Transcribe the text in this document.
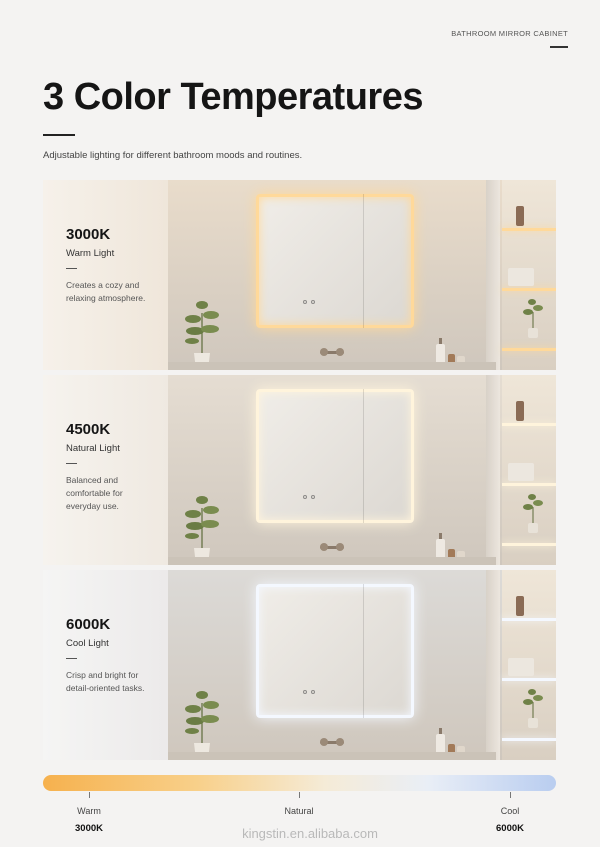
BATHROOM MIRROR CABINET
3 Color Temperatures
Adjustable lighting for different bathroom moods and routines.
3000K
Warm Light
Creates a cozy and relaxing atmosphere.
4500K
Natural Light
Balanced and comfortable for everyday use.
6000K
Cool Light
Crisp and bright for detail-oriented tasks.
Warm	Natural	Cool
3000K	6000K
kingstin.en.alibaba.com
